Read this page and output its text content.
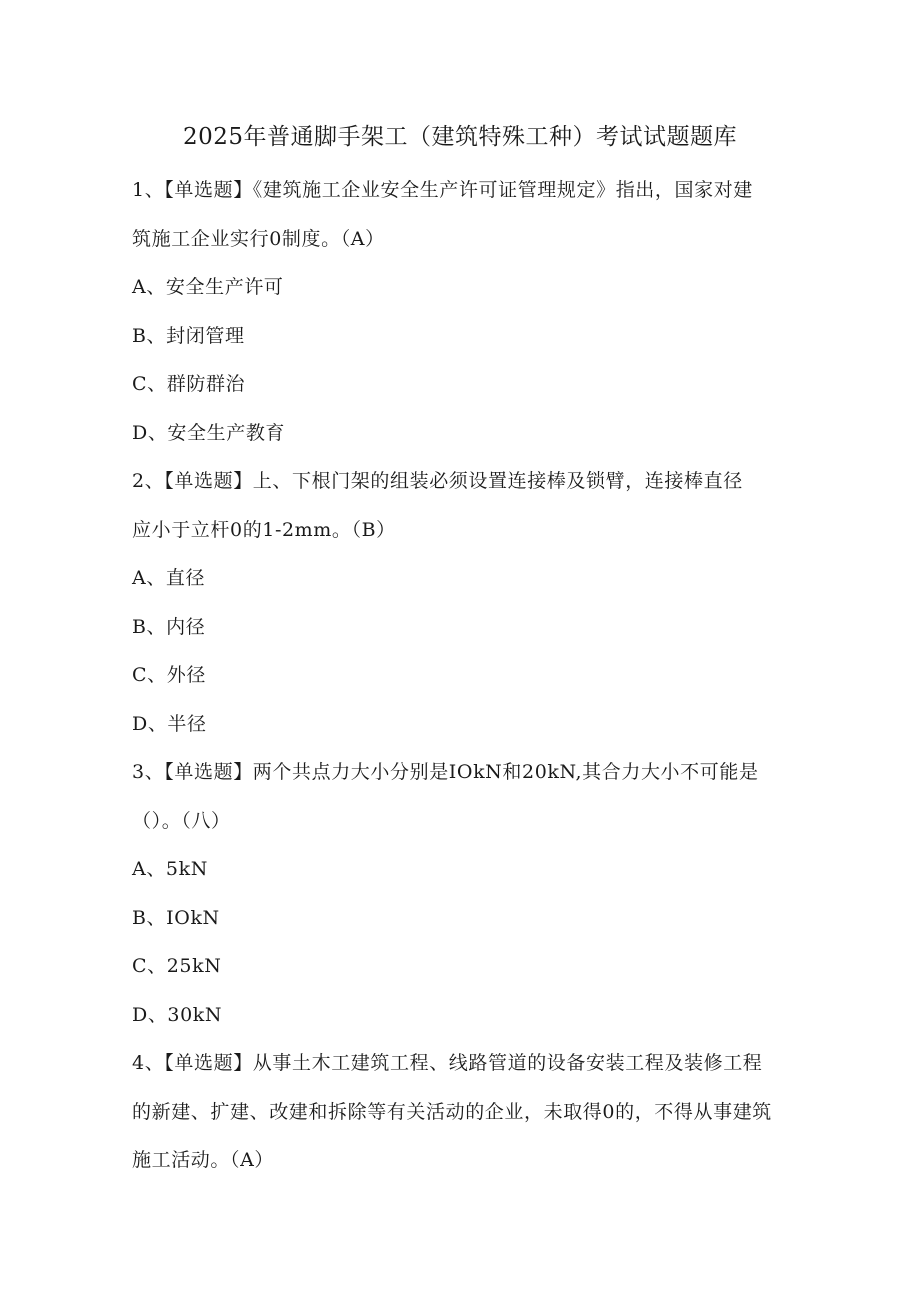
2025年普通脚手架工（建筑特殊工种）考试试题题库
1、【单选题】《建筑施工企业安全生产许可证管理规定》指出，国家对建
筑施工企业实行0制度。（A）
A、安全生产许可
B、封闭管理
C、群防群治
D、安全生产教育
2、【单选题】上、下根门架的组装必须设置连接棒及锁臂，连接棒直径
应小于立杆0的1-2mm。（B）
A、直径
B、内径
C、外径
D、半径
3、【单选题】两个共点力大小分别是IOkN和20kN,其合力大小不可能是
（）。（八）
A、5kN
B、IOkN
C、25kN
D、30kN
4、【单选题】从事土木工建筑工程、线路管道的设备安装工程及装修工程
的新建、扩建、改建和拆除等有关活动的企业，未取得0的，不得从事建筑
施工活动。（A）
